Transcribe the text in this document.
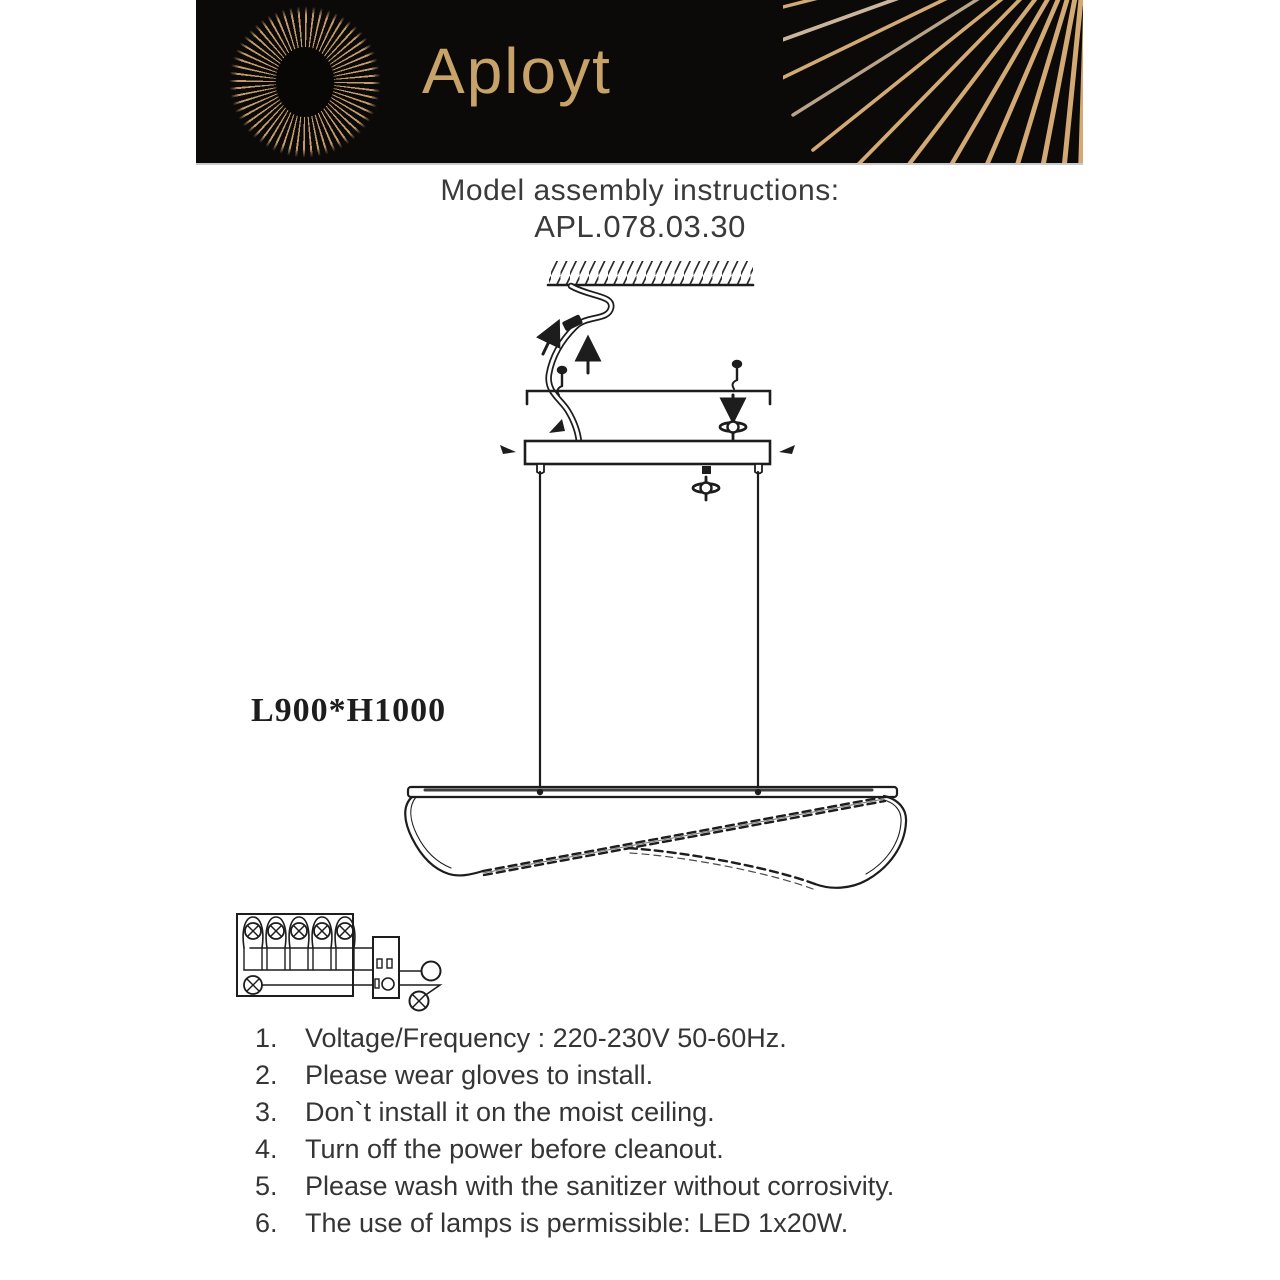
Aployt
Model assembly instructions:
APL.078.03.30
L900*H1000
1.	Voltage/Frequency : 220-230V 50-60Hz.
2.	Please wear gloves to install.
3.	Don`t install it on the moist ceiling.
4.	Turn off the power before cleanout.
5.	Please wash with the sanitizer without corrosivity.
6.	The use of lamps is permissible: LED 1x20W.
